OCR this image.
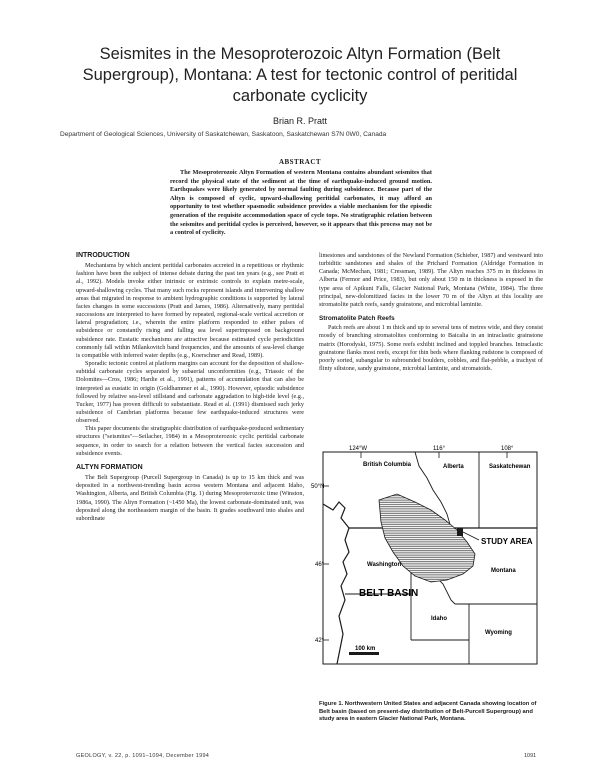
Seismites in the Mesoproterozoic Altyn Formation (Belt Supergroup), Montana: A test for tectonic control of peritidal carbonate cyclicity
Brian R. Pratt
Department of Geological Sciences, University of Saskatchewan, Saskatoon, Saskatchewan S7N 0W0, Canada
ABSTRACT

The Mesoproterozoic Altyn Formation of western Montana contains abundant seismites that record the physical state of the sediment at the time of earthquake-induced ground motion. Earthquakes were likely generated by normal faulting during subsidence. Because part of the Altyn is composed of cyclic, upward-shallowing peritidal carbonates, it may afford an opportunity to test whether spasmodic subsidence provides a viable mechanism for the episodic generation of the requisite accommodation space of cycle tops. No stratigraphic relation between the seismites and peritidal cycles is perceived, however, so it appears that this process may not be a control of cyclicity.

INTRODUCTION

Mechanisms by which ancient peritidal carbonates accreted in a repetitious or rhythmic fashion have been the subject of intense debate during the past ten years (e.g., see Pratt et al., 1992). Models invoke either intrinsic or extrinsic controls to explain metre-scale, upward-shallowing cycles. That many such rocks represent islands and intervening shallow areas that migrated in response to ambient hydrographic conditions is supported by lateral facies changes in some successions (Pratt and James, 1986). Alternatively, many peritidal successions are interpreted to have formed by repeated, regional-scale vertical accretion or lateral progradation; i.e., wherein the entire platform responded to either pulses of subsidence or constantly rising and falling sea level superimposed on background subsidence rate. Eustatic mechanisms are attractive because estimated cycle periodicities commonly fall within Milankovitch band frequencies, and the amounts of sea-level change is compatible with inferred water depths (e.g., Koerschner and Read, 1989).

Sporadic tectonic control at platform margins can account for the deposition of shallow-subtidal carbonate cycles separated by subaerial unconformities (e.g., Triassic of the Dolomites—Cros, 1986; Hardie et al., 1991), patterns of accumulation that can also be interpreted as eustatic in origin (Goldhammer et al., 1990). However, episodic subsidence followed by relative sea-level stillstand and carbonate aggradation to high-tide level (e.g., Tucker, 1977) has proven difficult to substantiate. Read et al. (1991) dismissed such jerky subsidence of Cambrian platforms because few earthquake-induced structures were observed.

This paper documents the stratigraphic distribution of earthquake-produced sedimentary structures ("seismites"—Seilacher, 1984) in a Mesoproterozoic cyclic peritidal carbonate sequence, in order to search for a relation between the vertical facies succession and subsidence events.

ALTYN FORMATION

The Belt Supergroup (Purcell Supergroup in Canada) is up to 15 km thick and was deposited in a northwest-trending basin across western Montana and adjacent Idaho, Washington, Alberta, and British Columbia (Fig. 1) during Mesoproterozoic time (Winston, 1986a, 1990). The Altyn Formation (~1450 Ma), the lowest carbonate-dominated unit, was deposited along the northeastern margin of the basin. It grades southward into shales and subordinate

limestones and sandstones of the Newland Formation (Schieber, 1987) and westward into turbiditic sandstones and shales of the Prichard Formation (Aldridge Formation in Canada; McMechan, 1981; Cressman, 1989). The Altyn reaches 375 m in thickness in Alberta (Fermor and Price, 1983), but only about 150 m in thickness is exposed in the type area of Apikuni Falls, Glacier National Park, Montana (White, 1984). The three principal, new-dolomitized facies in the lower 70 m of the Altyn at this locality are stromatolite patch reefs, sandy grainstone, and microbial laminite.

Stromatolite Patch Reefs

Patch reefs are about 1 m thick and up to several tens of metres wide, and they consist mostly of branching stromatolites conforming to Baicalia in an intraclastic grainstone matrix (Horodyski, 1975). Some reefs exhibit inclined and toppled branches. Intraclastic grainstone flanks most reefs, except for thin beds where flanking rudstone is composed of poorly sorted, subangular to subrounded boulders, cobbles, and flat-pebble, a trachyst of flinty siltstone, sandy grainstone, microbial laminite, and stromatoids.

124°W	116°	108°
50°N
46°
42°
British Columbia	Alberta	Saskatchewan
Washington
Montana
Idaho
Wyoming
STUDY AREA
BELT BASIN
100 km

Figure 1. Northwestern United States and adjacent Canada showing location of Belt basin (based on present-day distribution of Belt-Purcell Supergroup) and study area in eastern Glacier National Park, Montana.

GEOLOGY, v. 22, p. 1091–1094, December 1994	1091
